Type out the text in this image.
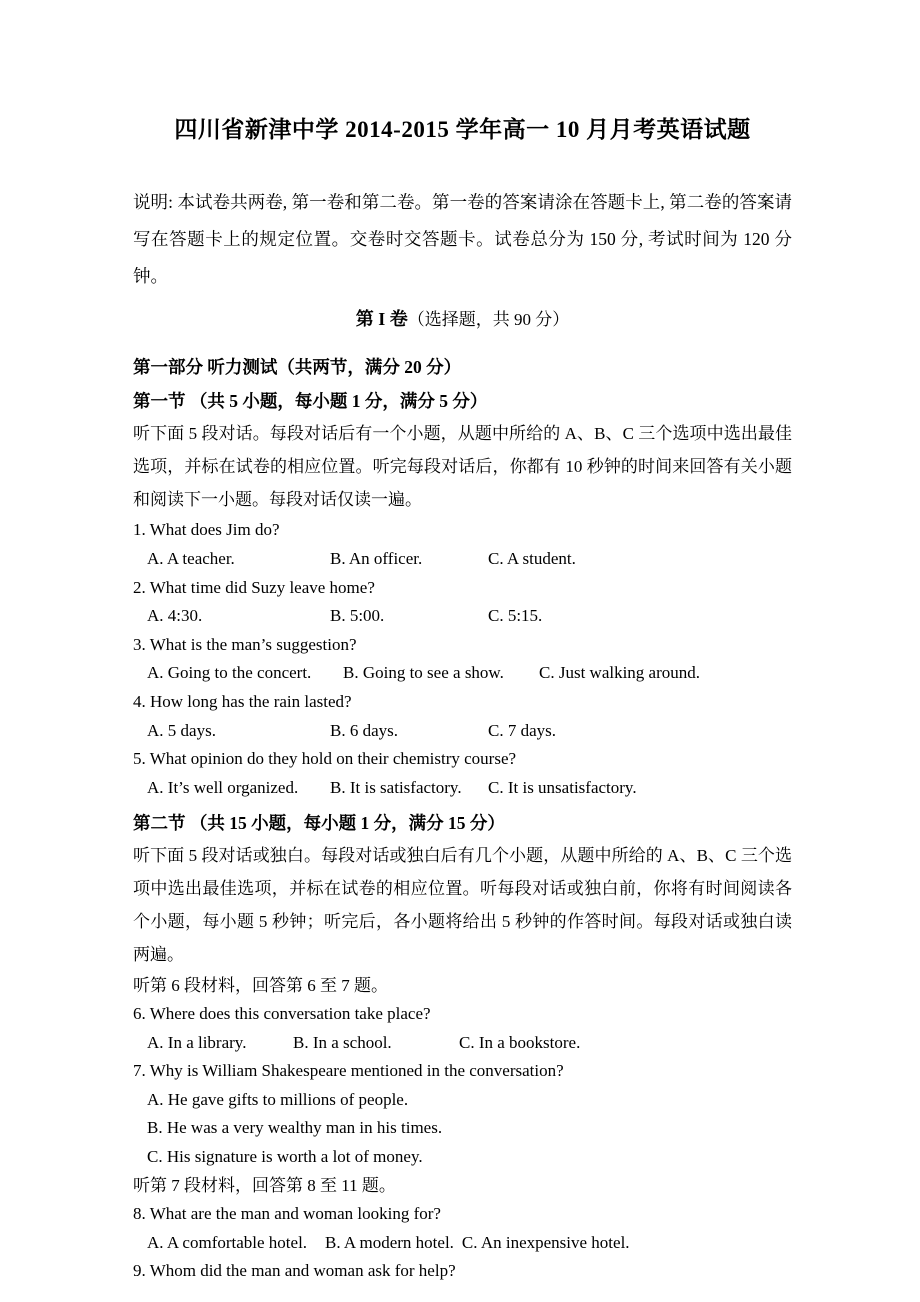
四川省新津中学 2014-2015 学年高一 10 月月考英语试题
说明: 本试卷共两卷, 第一卷和第二卷。第一卷的答案请涂在答题卡上, 第二卷的答案请写在答题卡上的规定位置。交卷时交答题卡。试卷总分为 150 分, 考试时间为 120 分钟。
第 I 卷（选择题，共 90 分）
第一部分 听力测试（共两节，满分 20 分）
第一节 （共 5 小题，每小题 1 分，满分 5 分）
听下面 5 段对话。每段对话后有一个小题，从题中所给的 A、B、C 三个选项中选出最佳选项，并标在试卷的相应位置。听完每段对话后，你都有 10 秒钟的时间来回答有关小题和阅读下一小题。每段对话仅读一遍。
1. What does Jim do?
A. A teacher.	B. An officer.	C. A student.
2. What time did Suzy leave home?
A. 4:30.	B. 5:00.	C. 5:15.
3. What is the man’s suggestion?
A. Going to the concert.	B. Going to see a show.	C. Just walking around.
4. How long has the rain lasted?
A. 5 days.	B. 6 days.	C. 7 days.
5. What opinion do they hold on their chemistry course?
A. It’s well organized.	B. It is satisfactory.	C. It is unsatisfactory.
第二节 （共 15 小题，每小题 1 分，满分 15 分）
听下面 5 段对话或独白。每段对话或独白后有几个小题，从题中所给的 A、B、C 三个选项中选出最佳选项，并标在试卷的相应位置。听每段对话或独白前，你将有时间阅读各个小题，每小题 5 秒钟；听完后，各小题将给出 5 秒钟的作答时间。每段对话或独白读两遍。
听第 6 段材料，回答第 6 至 7 题。
6. Where does this conversation take place?
A. In a library.	B. In a school.	C. In a bookstore.
7. Why is William Shakespeare mentioned in the conversation?
A. He gave gifts to millions of people.
B. He was a very wealthy man in his times.
C. His signature is worth a lot of money.
听第 7 段材料，回答第 8 至 11 题。
8. What are the man and woman looking for?
A. A comfortable hotel.	B. A modern hotel. C. An inexpensive hotel.
9. Whom did the man and woman ask for help?
